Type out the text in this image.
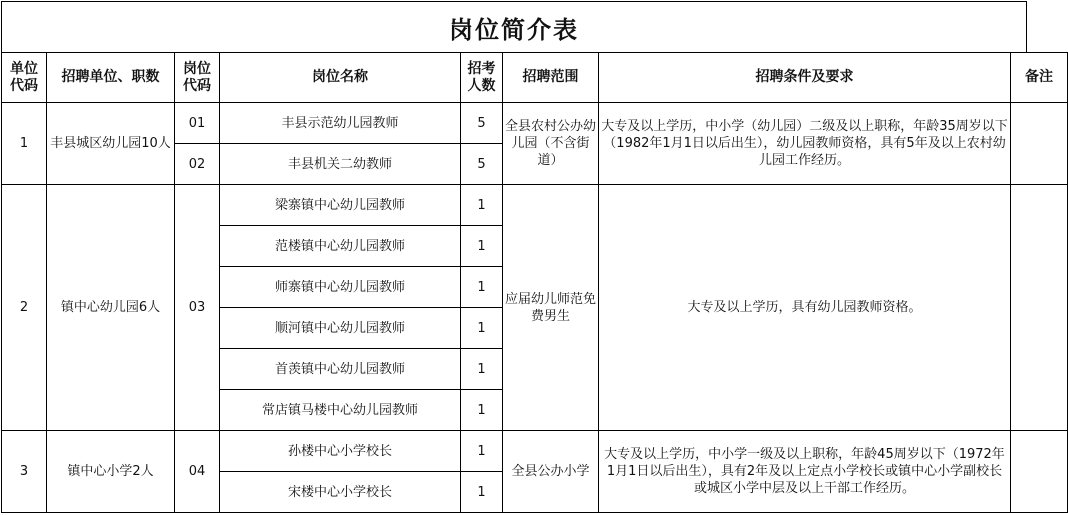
岗位简介表
单位代码	招聘单位、职数	岗位代码	岗位名称	招考人数	招聘范围	招聘条件及要求	备注
1	丰县城区幼儿园10人	01	丰县示范幼儿园教师	5	全县农村公办幼儿园（不含街道）	大专及以上学历，中小学（幼儿园）二级及以上职称，年龄35周岁以下（1982年1月1日以后出生），幼儿园教师资格，具有5年及以上农村幼儿园工作经历。	
		02	丰县机关二幼教师	5			
2	镇中心幼儿园6人	03	梁寨镇中心幼儿园教师	1	应届幼儿师范免费男生	大专及以上学历，具有幼儿园教师资格。	
			范楼镇中心幼儿园教师	1			
			师寨镇中心幼儿园教师	1			
			顺河镇中心幼儿园教师	1			
			首羡镇中心幼儿园教师	1			
			常店镇马楼中心幼儿园教师	1			
3	镇中心小学2人	04	孙楼中心小学校长	1	全县公办小学	大专及以上学历，中小学一级及以上职称，年龄45周岁以下（1972年1月1日以后出生），具有2年及以上定点小学校长或镇中心小学副校长或城区小学中层及以上干部工作经历。	
			宋楼中心小学校长	1			
